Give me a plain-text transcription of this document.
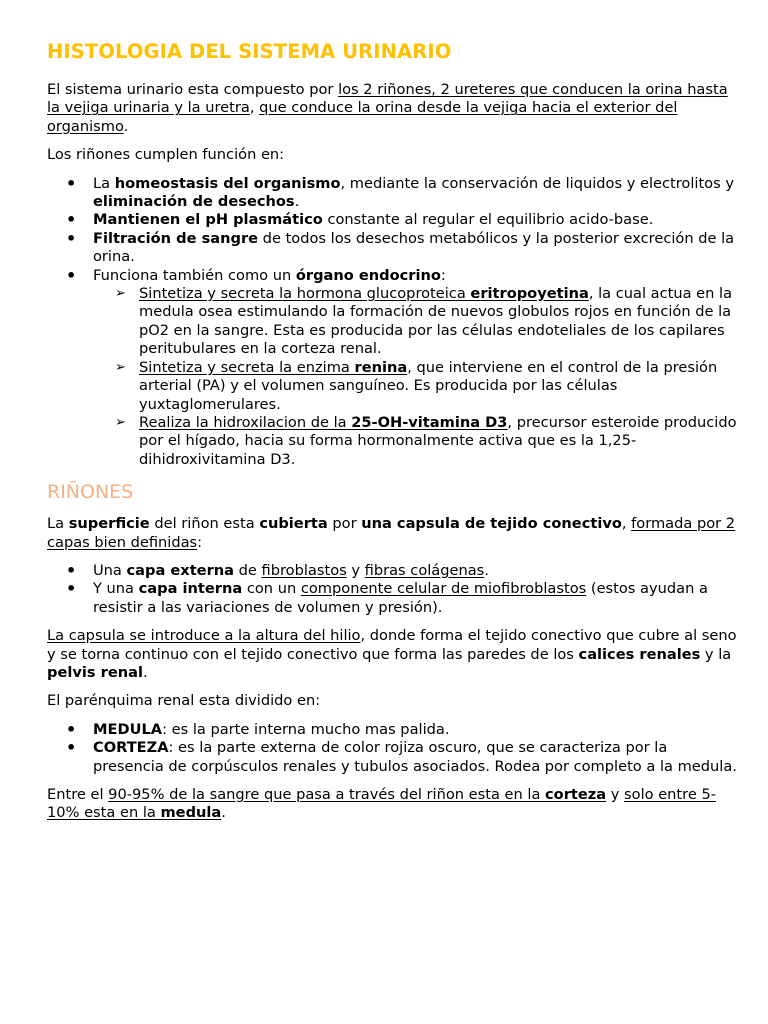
HISTOLOGIA DEL SISTEMA URINARIO

El sistema urinario esta compuesto por los 2 riñones, 2 ureteres que conducen la orina hasta la vejiga urinaria y la uretra, que conduce la orina desde la vejiga hacia el exterior del organismo.

Los riñones cumplen función en:

• La homeostasis del organismo, mediante la conservación de liquidos y electrolitos y eliminación de desechos.
• Mantienen el pH plasmático constante al regular el equilibrio acido-base.
• Filtración de sangre de todos los desechos metabólicos y la posterior excreción de la orina.
• Funciona también como un órgano endocrino:
➢ Sintetiza y secreta la hormona glucoproteica eritropoyetina, la cual actua en la medula osea estimulando la formación de nuevos globulos rojos en función de la pO2 en la sangre. Esta es producida por las células endoteliales de los capilares peritubulares en la corteza renal.
➢ Sintetiza y secreta la enzima renina, que interviene en el control de la presión arterial (PA) y el volumen sanguíneo. Es producida por las células yuxtaglomerulares.
➢ Realiza la hidroxilacion de la 25-OH-vitamina D3, precursor esteroide producido por el hígado, hacia su forma hormonalmente activa que es la 1,25-dihidroxivitamina D3.
RIÑONES

La superficie del riñon esta cubierta por una capsula de tejido conectivo, formada por 2 capas bien definidas:

• Una capa externa de fibroblastos y fibras colágenas.
• Y una capa interna con un componente celular de miofibroblastos (estos ayudan a resistir a las variaciones de volumen y presión).

La capsula se introduce a la altura del hilio, donde forma el tejido conectivo que cubre al seno y se torna continuo con el tejido conectivo que forma las paredes de los calices renales y la pelvis renal.

El parénquima renal esta dividido en:

• MEDULA: es la parte interna mucho mas palida.
• CORTEZA: es la parte externa de color rojiza oscuro, que se caracteriza por la presencia de corpúsculos renales y tubulos asociados. Rodea por completo a la medula.

Entre el 90-95% de la sangre que pasa a través del riñon esta en la corteza y solo entre 5-10% esta en la medula.
